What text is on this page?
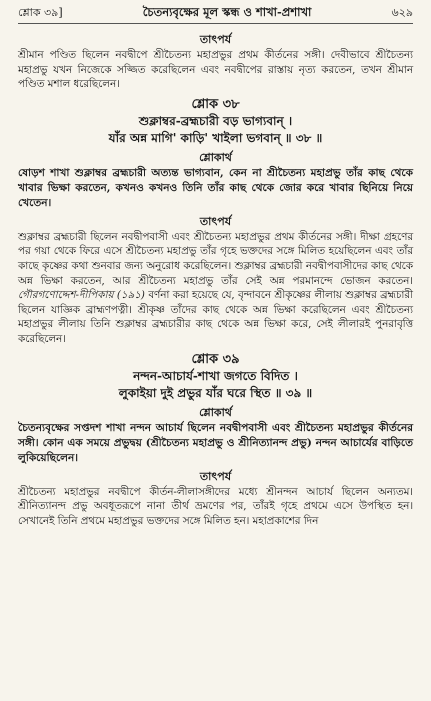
শ্লোক ৩৯]	চৈতন্যবৃক্ষের মূল স্কন্ধ ও শাখা-প্রশাখা	৬২৯
তাৎপর্য

শ্রীমান পণ্ডিত ছিলেন নবদ্বীপে শ্রীচৈতন্য মহাপ্রভুর প্রথম কীর্তনের সঙ্গী। দেবীভাবে শ্রীচৈতন্য মহাপ্রভু যখন নিজেকে সজ্জিত করেছিলেন এবং নবদ্বীপের রাস্তায় নৃত্য করতেন, তখন শ্রীমান পণ্ডিত মশাল ধরেছিলেন।

শ্লোক ৩৮

শুক্লাম্বর-ব্রহ্মচারী বড় ভাগ্যবান্ ।

যাঁর অন্ন মাগি' কাড়ি' খাইলা ভগবান্ ॥ ৩৮ ॥

শ্লোকার্থ

ষোড়শ শাখা শুক্লাম্বর ব্রহ্মচারী অত্যন্ত ভাগ্যবান, কেন না শ্রীচৈতন্য মহাপ্রভু তাঁর কাছ থেকে খাবার ভিক্ষা করতেন, কখনও কখনও তিনি তাঁর কাছ থেকে জোর করে খাবার ছিনিয়ে নিয়ে খেতেন।

তাৎপর্য

শুক্লাম্বর ব্রহ্মচারী ছিলেন নবদ্বীপবাসী এবং শ্রীচৈতন্য মহাপ্রভুর প্রথম কীর্তনের সঙ্গী। দীক্ষা গ্রহণের পর গয়া থেকে ফিরে এসে শ্রীচৈতন্য মহাপ্রভু তাঁর গৃহে ভক্তদের সঙ্গে মিলিত হয়েছিলেন এবং তাঁর কাছে কৃষ্ণের কথা শুনবার জন্য অনুরোধ করেছিলেন। শুক্লাম্বর ব্রহ্মচারী নবদ্বীপবাসীদের কাছ থেকে অন্ন ভিক্ষা করতেন, আর শ্রীচৈতন্য মহাপ্রভু তাঁর সেই অন্ন পরমানন্দে ভোজন করতেন। গৌরগণোদ্দেশ-দীপিকায় (১৯১) বর্ণনা করা হয়েছে যে, বৃন্দাবনে শ্রীকৃষ্ণের লীলায় শুক্লাম্বর ব্রহ্মচারী ছিলেন যাজ্ঞিক ব্রাহ্মণপত্নী। শ্রীকৃষ্ণ তাঁদের কাছ থেকে অন্ন ভিক্ষা করেছিলেন এবং শ্রীচৈতন্য মহাপ্রভুর লীলায় তিনি শুক্লাম্বর ব্রহ্মচারীর কাছ থেকে অন্ন ভিক্ষা করে, সেই লীলারই পুনরাবৃত্তি করেছিলেন।

শ্লোক ৩৯

নন্দন-আচার্য-শাখা জগতে বিদিত ।

লুকাইয়া দুই প্রভুর যাঁর ঘরে স্থিত ॥ ৩৯ ॥

শ্লোকার্থ

চৈতন্যবৃক্ষের সপ্তদশ শাখা নন্দন আচার্য ছিলেন নবদ্বীপবাসী এবং শ্রীচৈতন্য মহাপ্রভুর কীর্তনের সঙ্গী। কোন এক সময়ে প্রভুদ্বয় (শ্রীচৈতন্য মহাপ্রভু ও শ্রীনিত্যানন্দ প্রভু) নন্দন আচার্যের বাড়িতে লুকিয়েছিলেন।

তাৎপর্য

শ্রীচৈতন্য মহাপ্রভুর নবদ্বীপে কীর্তন-লীলাসঙ্গীদের মধ্যে শ্রীনন্দন আচার্য ছিলেন অন্যতম। শ্রীনিত্যানন্দ প্রভু অবধূতরূপে নানা তীর্থ ভ্রমণের পর, তাঁরই গৃহে প্রথমে এসে উপস্থিত হন। সেখানেই তিনি প্রথমে মহাপ্রভুর ভক্তদের সঙ্গে মিলিত হন। মহাপ্রকাশের দিন
